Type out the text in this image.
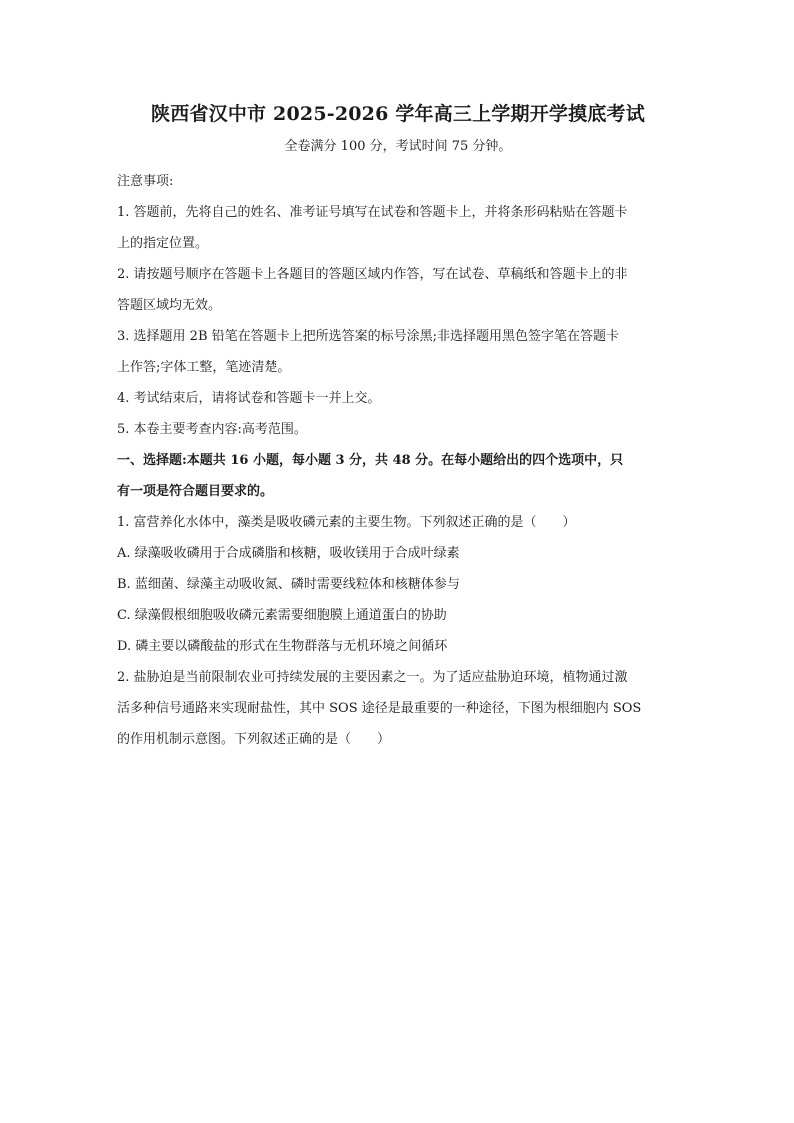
陕西省汉中市 2025-2026 学年高三上学期开学摸底考试

全卷满分 100 分，考试时间 75 分钟。

注意事项:

1. 答题前，先将自己的姓名、准考证号填写在试卷和答题卡上，并将条形码粘贴在答题卡

上的指定位置。

2. 请按题号顺序在答题卡上各题目的答题区域内作答，写在试卷、草稿纸和答题卡上的非

答题区域均无效。

3. 选择题用 2B 铅笔在答题卡上把所选答案的标号涂黑;非选择题用黑色签字笔在答题卡

上作答;字体工整，笔迹清楚。

4. 考试结束后，请将试卷和答题卡一并上交。

5. 本卷主要考查内容:高考范围。

一、选择题:本题共 16 小题，每小题 3 分，共 48 分。在每小题给出的四个选项中，只

有一项是符合题目要求的。

1. 富营养化水体中，藻类是吸收磷元素的主要生物。下列叙述正确的是（　　）

A. 绿藻吸收磷用于合成磷脂和核糖，吸收镁用于合成叶绿素

B. 蓝细菌、绿藻主动吸收氮、磷时需要线粒体和核糖体参与

C. 绿藻假根细胞吸收磷元素需要细胞膜上通道蛋白的协助

D. 磷主要以磷酸盐的形式在生物群落与无机环境之间循环

2. 盐胁迫是当前限制农业可持续发展的主要因素之一。为了适应盐胁迫环境，植物通过激

活多种信号通路来实现耐盐性，其中 SOS 途径是最重要的一种途径，下图为根细胞内 SOS

的作用机制示意图。下列叙述正确的是（　　）
